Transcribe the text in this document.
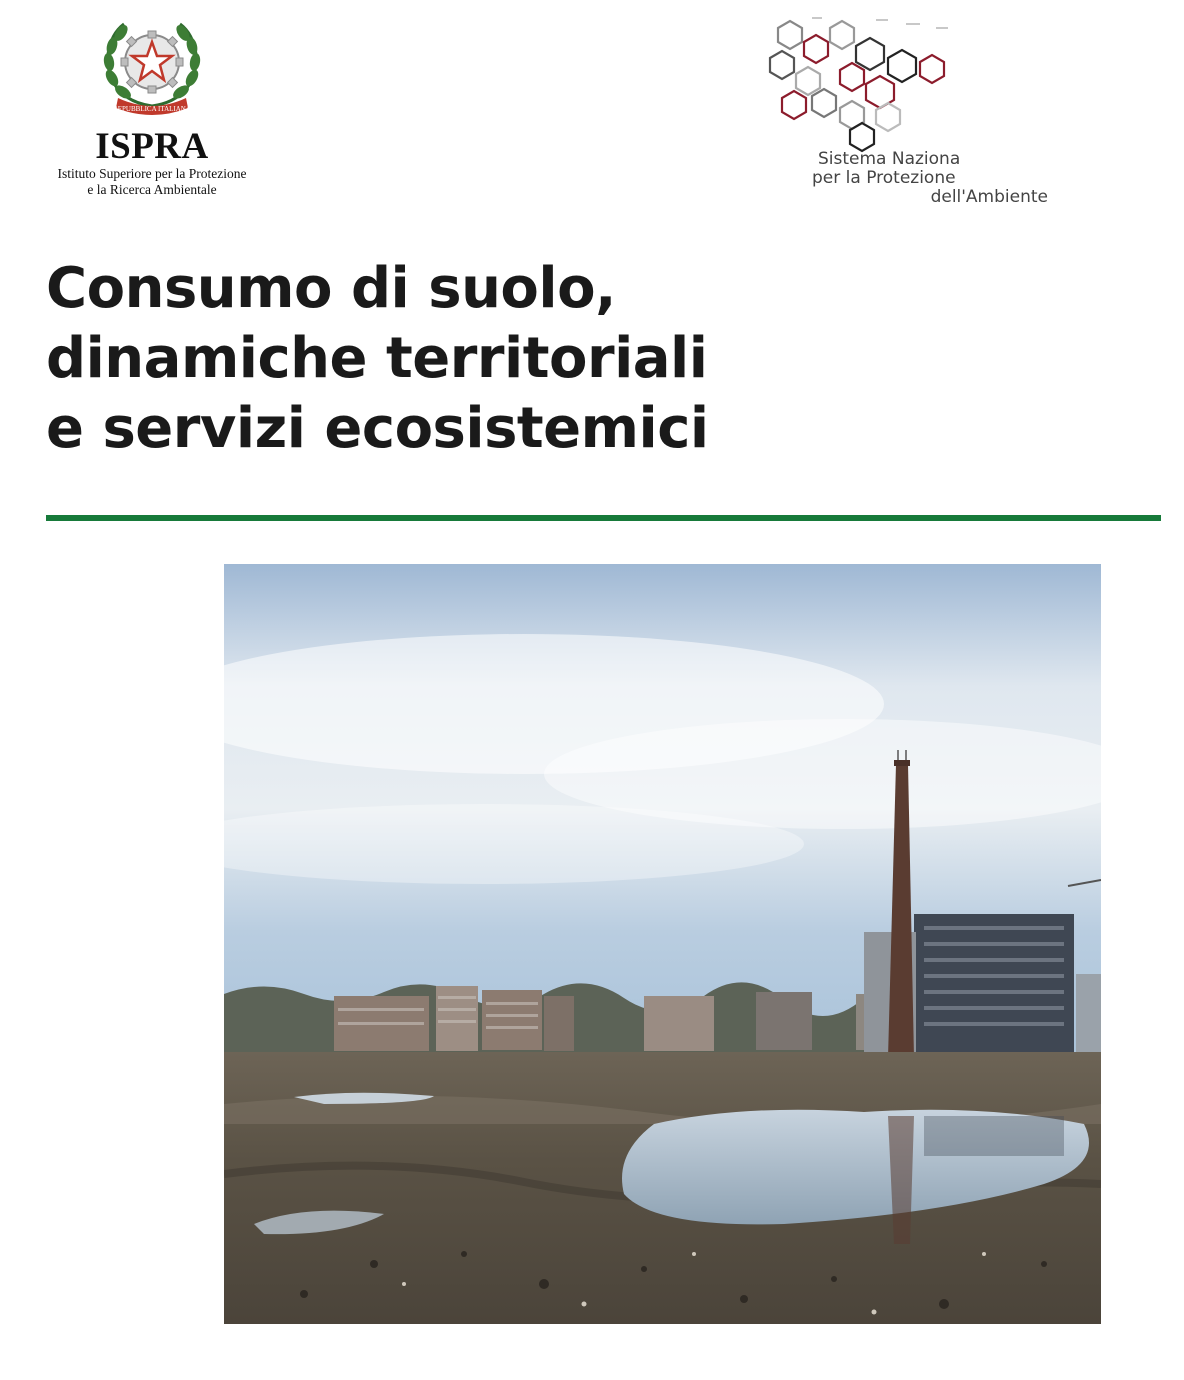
REPUBBLICA ITALIANA
ISPRA
Istituto Superiore per la Protezione
e la Ricerca Ambientale
Sistema Naziona
per la Protezione
dell'Ambiente
Consumo di suolo,
dinamiche territoriali
e servizi ecosistemici
